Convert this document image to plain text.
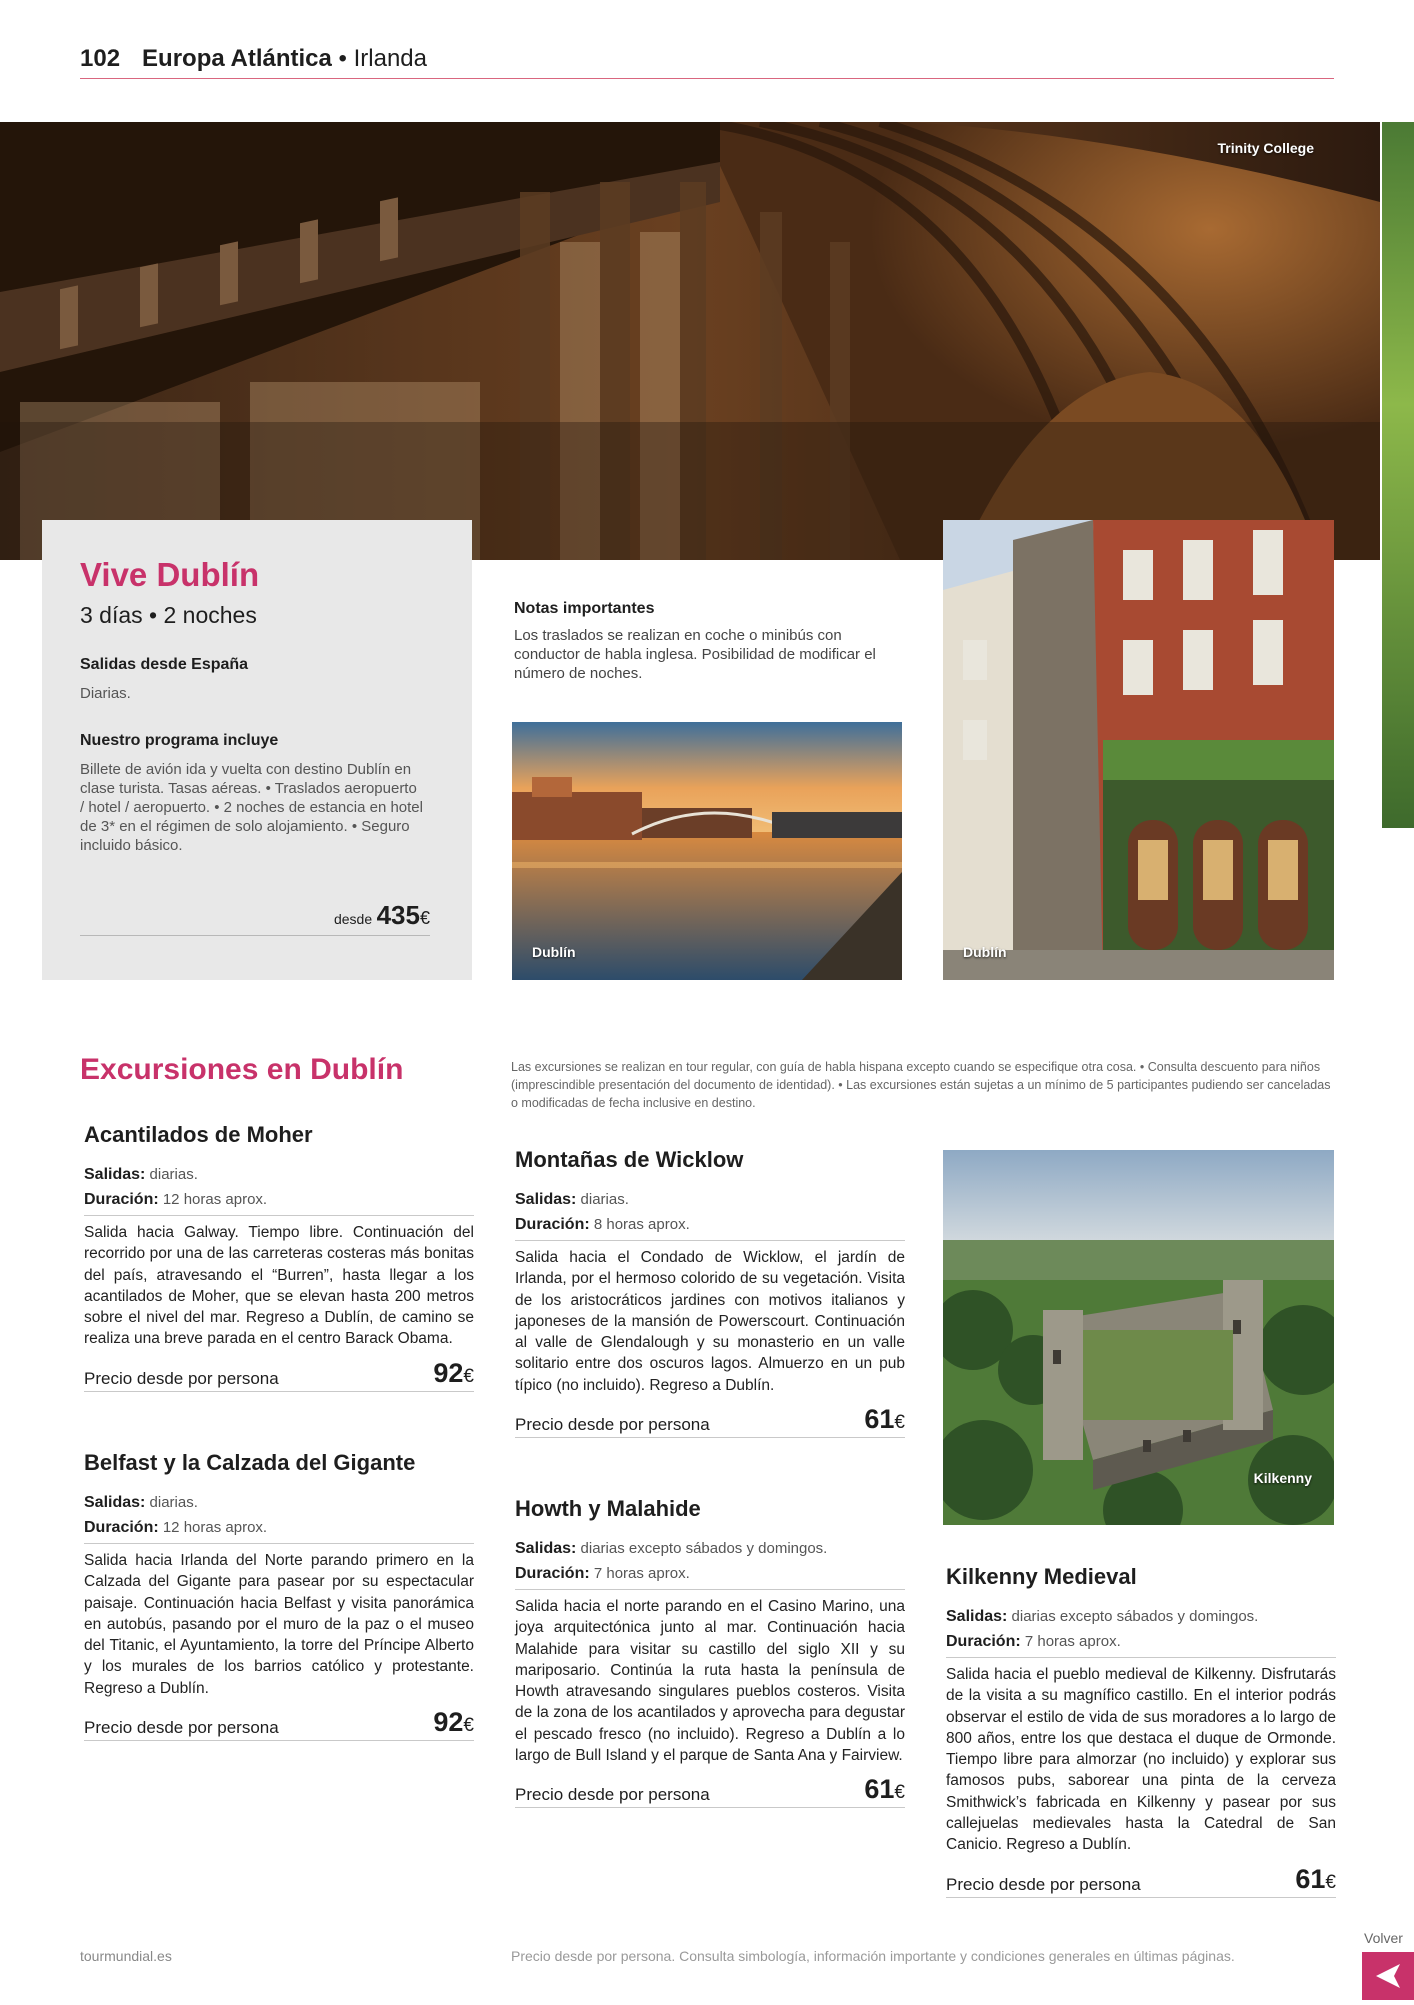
102 Europa Atlántica • Irlanda
Trinity College
Vive Dublín
3 días • 2 noches
Salidas desde España

Diarias.

Nuestro programa incluye

Billete de avión ida y vuelta con destino Dublín en clase turista. Tasas aéreas. • Traslados aeropuerto / hotel / aeropuerto. • 2 noches de estancia en hotel de 3* en el régimen de solo alojamiento. • Seguro incluido básico.

desde 435€
Notas importantes
Los traslados se realizan en coche o minibús con conductor de habla inglesa. Posibilidad de modificar el número de noches.
Dublín	Dublín
Excursiones en Dublín	Las excursiones se realizan en tour regular, con guía de habla hispana excepto cuando se especifique otra cosa. • Consulta descuento para niños (imprescindible presentación del documento de identidad). • Las excursiones están sujetas a un mínimo de 5 participantes pudiendo ser canceladas o modificadas de fecha inclusive en destino.
Acantilados de Moher
Salidas: diarias.
Duración: 12 horas aprox.
Salida hacia Galway. Tiempo libre. Continuación del recorrido por una de las carreteras costeras más bonitas del país, atravesando el “Burren”, hasta llegar a los acantilados de Moher, que se elevan hasta 200 metros sobre el nivel del mar. Regreso a Dublín, de camino se realiza una breve parada en el centro Barack Obama.
Precio desde por persona	92€
Belfast y la Calzada del Gigante
Salidas: diarias.
Duración: 12 horas aprox.
Salida hacia Irlanda del Norte parando primero en la Calzada del Gigante para pasear por su espectacular paisaje. Continuación hacia Belfast y visita panorámica en autobús, pasando por el muro de la paz o el museo del Titanic, el Ayuntamiento, la torre del Príncipe Alberto y los murales de los barrios católico y protestante. Regreso a Dublín.
Precio desde por persona	92€
Montañas de Wicklow
Salidas: diarias.
Duración: 8 horas aprox.
Salida hacia el Condado de Wicklow, el jardín de Irlanda, por el hermoso colorido de su vegetación. Visita de los aristocráticos jardines con motivos italianos y japoneses de la mansión de Powerscourt. Continuación al valle de Glendalough y su monasterio en un valle solitario entre dos oscuros lagos. Almuerzo en un pub típico (no incluido). Regreso a Dublín.
Precio desde por persona	61€
Howth y Malahide
Salidas: diarias excepto sábados y domingos.
Duración: 7 horas aprox.
Salida hacia el norte parando en el Casino Marino, una joya arquitectónica junto al mar. Continuación hacia Malahide para visitar su castillo del siglo XII y su mariposario. Continúa la ruta hasta la península de Howth atravesando singulares pueblos costeros. Visita de la zona de los acantilados y aprovecha para degustar el pescado fresco (no incluido). Regreso a Dublín a lo largo de Bull Island y el parque de Santa Ana y Fairview.
Precio desde por persona	61€
Kilkenny
Kilkenny Medieval
Salidas: diarias excepto sábados y domingos.
Duración: 7 horas aprox.
Salida hacia el pueblo medieval de Kilkenny. Disfrutarás de la visita a su magnífico castillo. En el interior podrás observar el estilo de vida de sus moradores a lo largo de 800 años, entre los que destaca el duque de Ormonde. Tiempo libre para almorzar (no incluido) y explorar sus famosos pubs, saborear una pinta de la cerveza Smithwick’s fabricada en Kilkenny y pasear por sus callejuelas medievales hasta la Catedral de San Canicio. Regreso a Dublín.
Precio desde por persona	61€
tourmundial.es	Precio desde por persona. Consulta simbología, información importante y condiciones generales en últimas páginas.
Volver
